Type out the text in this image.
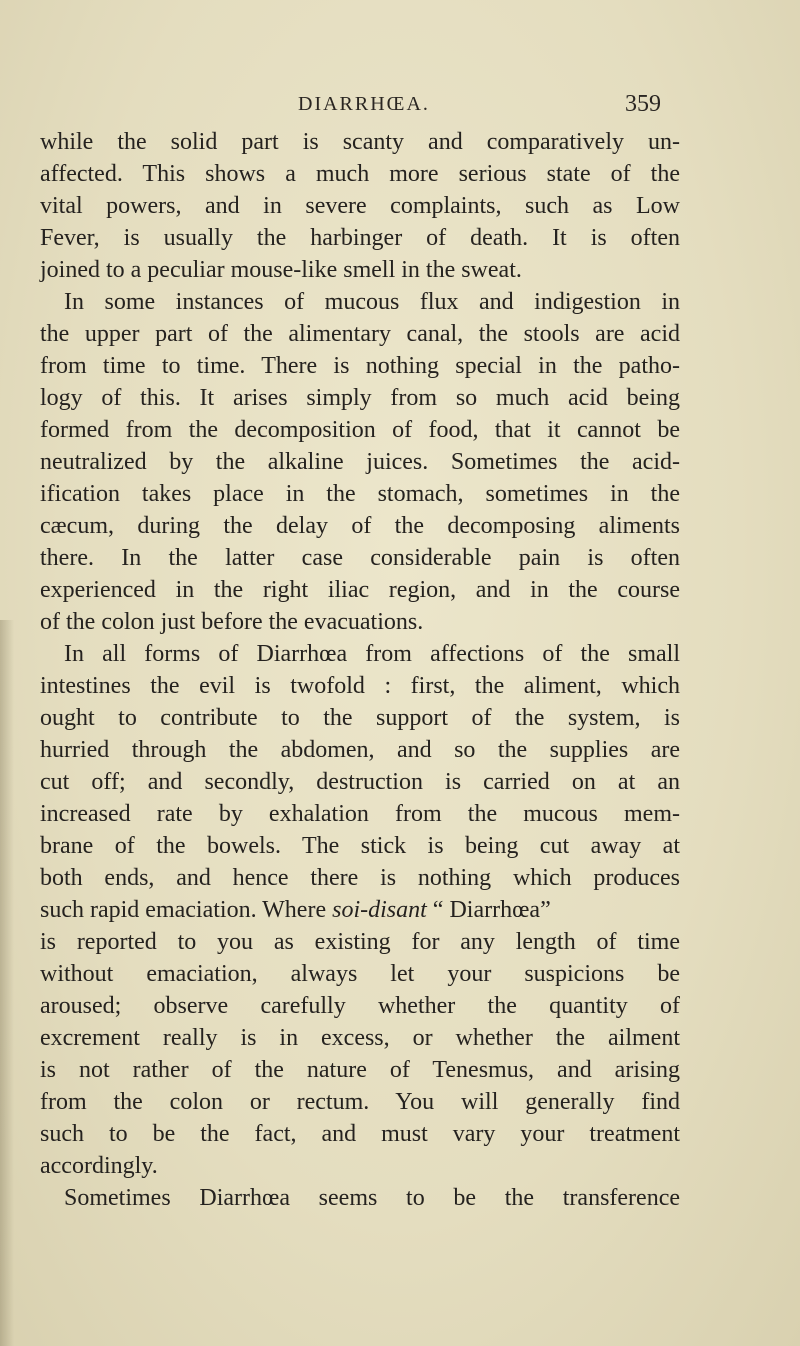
DIARRHŒA.	359
while the solid part is scanty and comparatively un-
affected. This shows a much more serious state of the
vital powers, and in severe complaints, such as Low
Fever, is usually the harbinger of death. It is often
joined to a peculiar mouse-like smell in the sweat.
In some instances of mucous flux and indigestion in
the upper part of the alimentary canal, the stools are acid
from time to time. There is nothing special in the patho-
logy of this. It arises simply from so much acid being
formed from the decomposition of food, that it cannot be
neutralized by the alkaline juices. Sometimes the acid-
ification takes place in the stomach, sometimes in the
cæcum, during the delay of the decomposing aliments
there. In the latter case considerable pain is often
experienced in the right iliac region, and in the course
of the colon just before the evacuations.
In all forms of Diarrhœa from affections of the small
intestines the evil is twofold : first, the aliment, which
ought to contribute to the support of the system, is
hurried through the abdomen, and so the supplies are
cut off; and secondly, destruction is carried on at an
increased rate by exhalation from the mucous mem-
brane of the bowels. The stick is being cut away at
both ends, and hence there is nothing which produces
such rapid emaciation. Where soi-disant “ Diarrhœa”
is reported to you as existing for any length of time
without emaciation, always let your suspicions be
aroused; observe carefully whether the quantity of
excrement really is in excess, or whether the ailment
is not rather of the nature of Tenesmus, and arising
from the colon or rectum. You will generally find
such to be the fact, and must vary your treatment
accordingly.
Sometimes Diarrhœa seems to be the transference
